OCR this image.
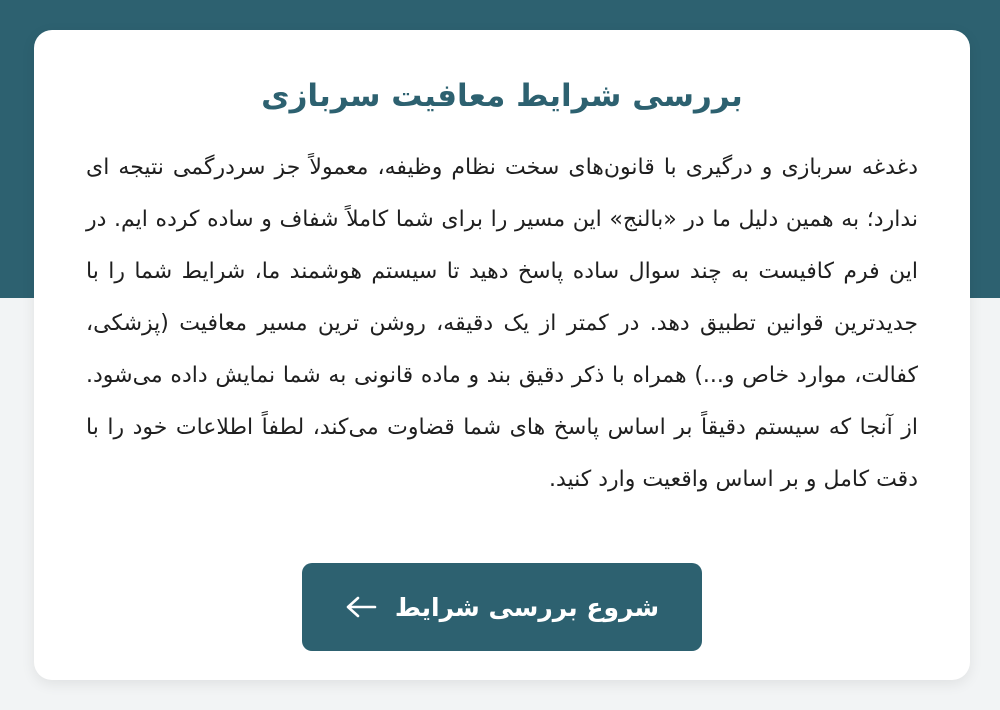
بررسی شرایط معافیت سربازی

دغدغه سربازی و درگیری با قانون‌های سخت نظام وظیفه، معمولاً جز سردرگمی نتیجه ای ندارد؛ به همین دلیل ما در «بالنج» این مسیر را برای شما کاملاً شفاف و ساده کرده ایم. در این فرم کافیست به چند سوال ساده پاسخ دهید تا سیستم هوشمند ما، شرایط شما را با جدیدترین قوانین تطبیق دهد. در کمتر از یک دقیقه، روشن ترین مسیر معافیت (پزشکی، کفالت، موارد خاص و...) همراه با ذکر دقیق بند و ماده قانونی به شما نمایش داده می‌شود. از آنجا که سیستم دقیقاً بر اساس پاسخ های شما قضاوت می‌کند، لطفاً اطلاعات خود را با دقت کامل و بر اساس واقعیت وارد کنید.

شروع بررسی شرایط
